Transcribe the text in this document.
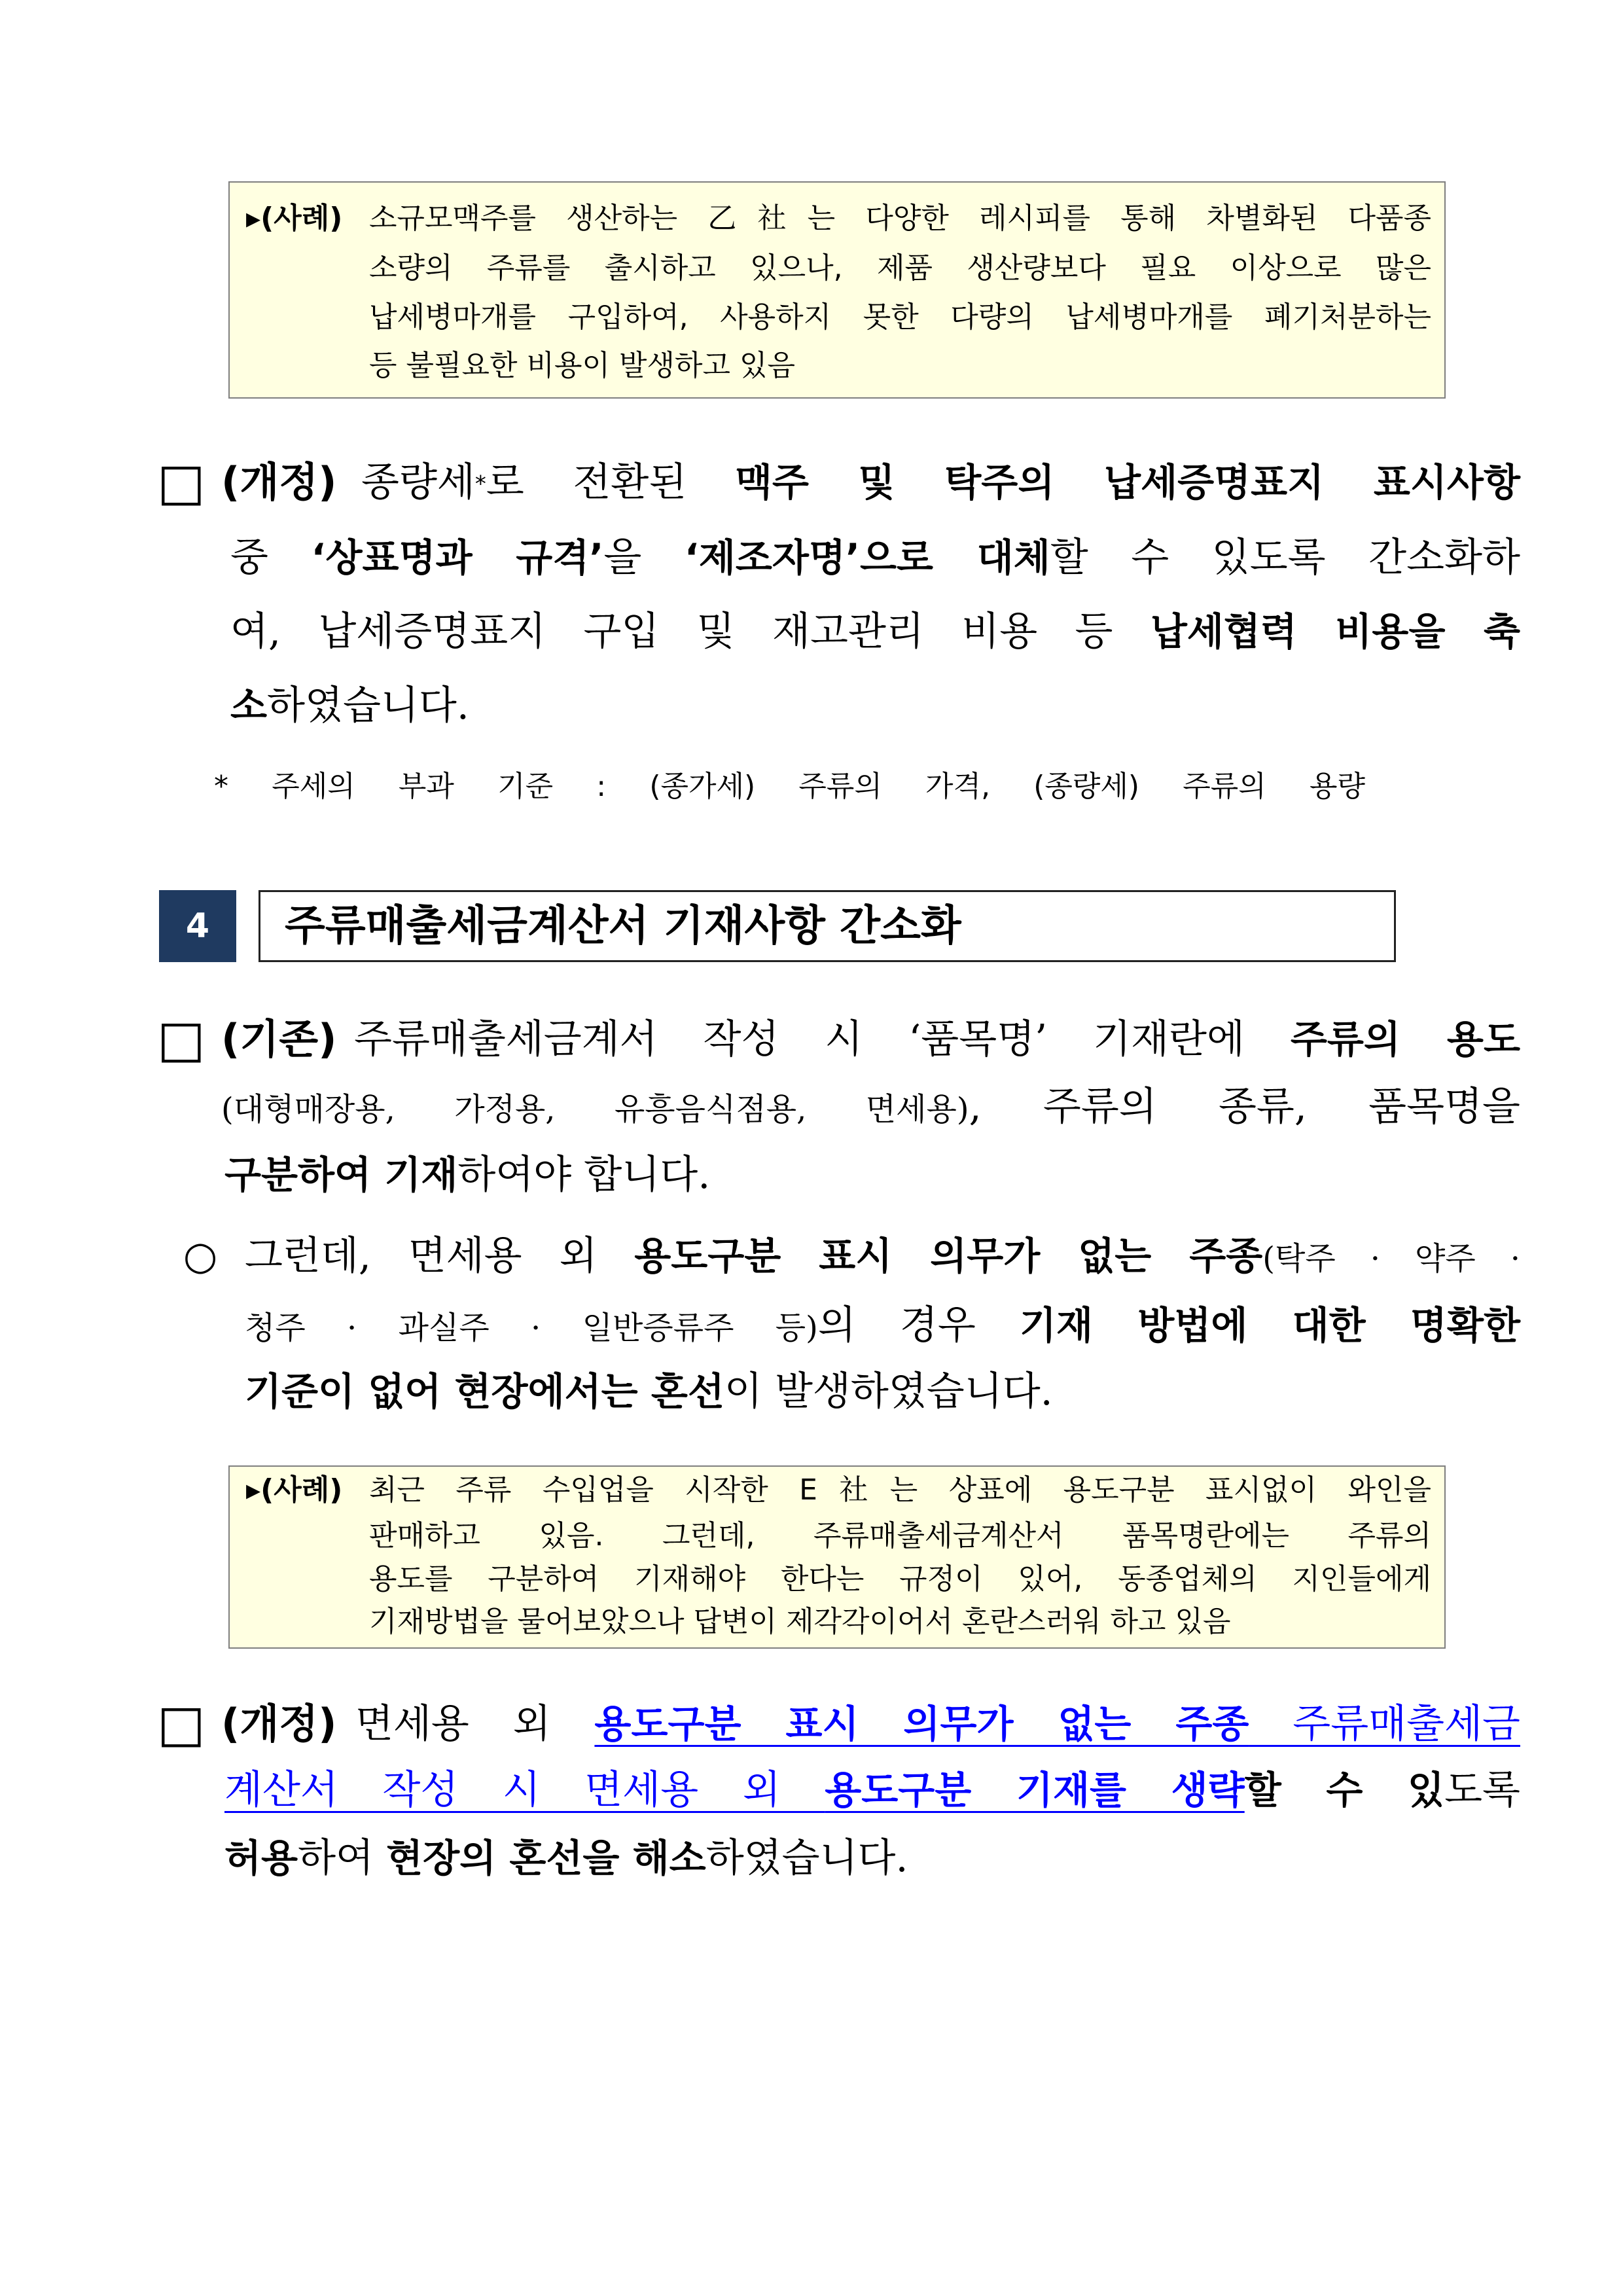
▸(사례) 소규모맥주를 생산하는 乙社는 다양한 레시피를 통해 차별화된 다품종
소량의 주류를 출시하고 있으나, 제품 생산량보다 필요 이상으로 많은
납세병마개를 구입하여, 사용하지 못한 다량의 납세병마개를 폐기처분하는
등 불필요한 비용이 발생하고 있음
□ (개정) 종량세*로 전환된 맥주 및 탁주의 납세증명표지 표시사항
중 ‘상표명과 규격’을 ‘제조자명’으로 대체할 수 있도록 간소화하
여, 납세증명표지 구입 및 재고관리 비용 등 납세협력 비용을 축
소하였습니다.
* 주세의 부과 기준 : (종가세) 주류의 가격, (종량세) 주류의 용량
4	주류매출세금계산서 기재사항 간소화
□ (기존) 주류매출세금계서 작성 시 ‘품목명’ 기재란에 주류의 용도
(대형매장용, 가정용, 유흥음식점용, 면세용), 주류의 종류, 품목명을
구분하여 기재하여야 합니다.
○ 그런데, 면세용 외 용도구분 표시 의무가 없는 주종(탁주 · 약주 ·
청주 · 과실주 · 일반증류주 등)의 경우 기재 방법에 대한 명확한
기준이 없어 현장에서는 혼선이 발생하였습니다.
▸(사례) 최근 주류 수입업을 시작한 E社는 상표에 용도구분 표시없이 와인을
판매하고 있음. 그런데, 주류매출세금계산서 품목명란에는 주류의
용도를 구분하여 기재해야 한다는 규정이 있어, 동종업체의 지인들에게
기재방법을 물어보았으나 답변이 제각각이어서 혼란스러워 하고 있음
□ (개정) 면세용 외 용도구분 표시 의무가 없는 주종 주류매출세금
계산서 작성 시 면세용 외 용도구분 기재를 생략할 수 있도록
허용하여 현장의 혼선을 해소하였습니다.
